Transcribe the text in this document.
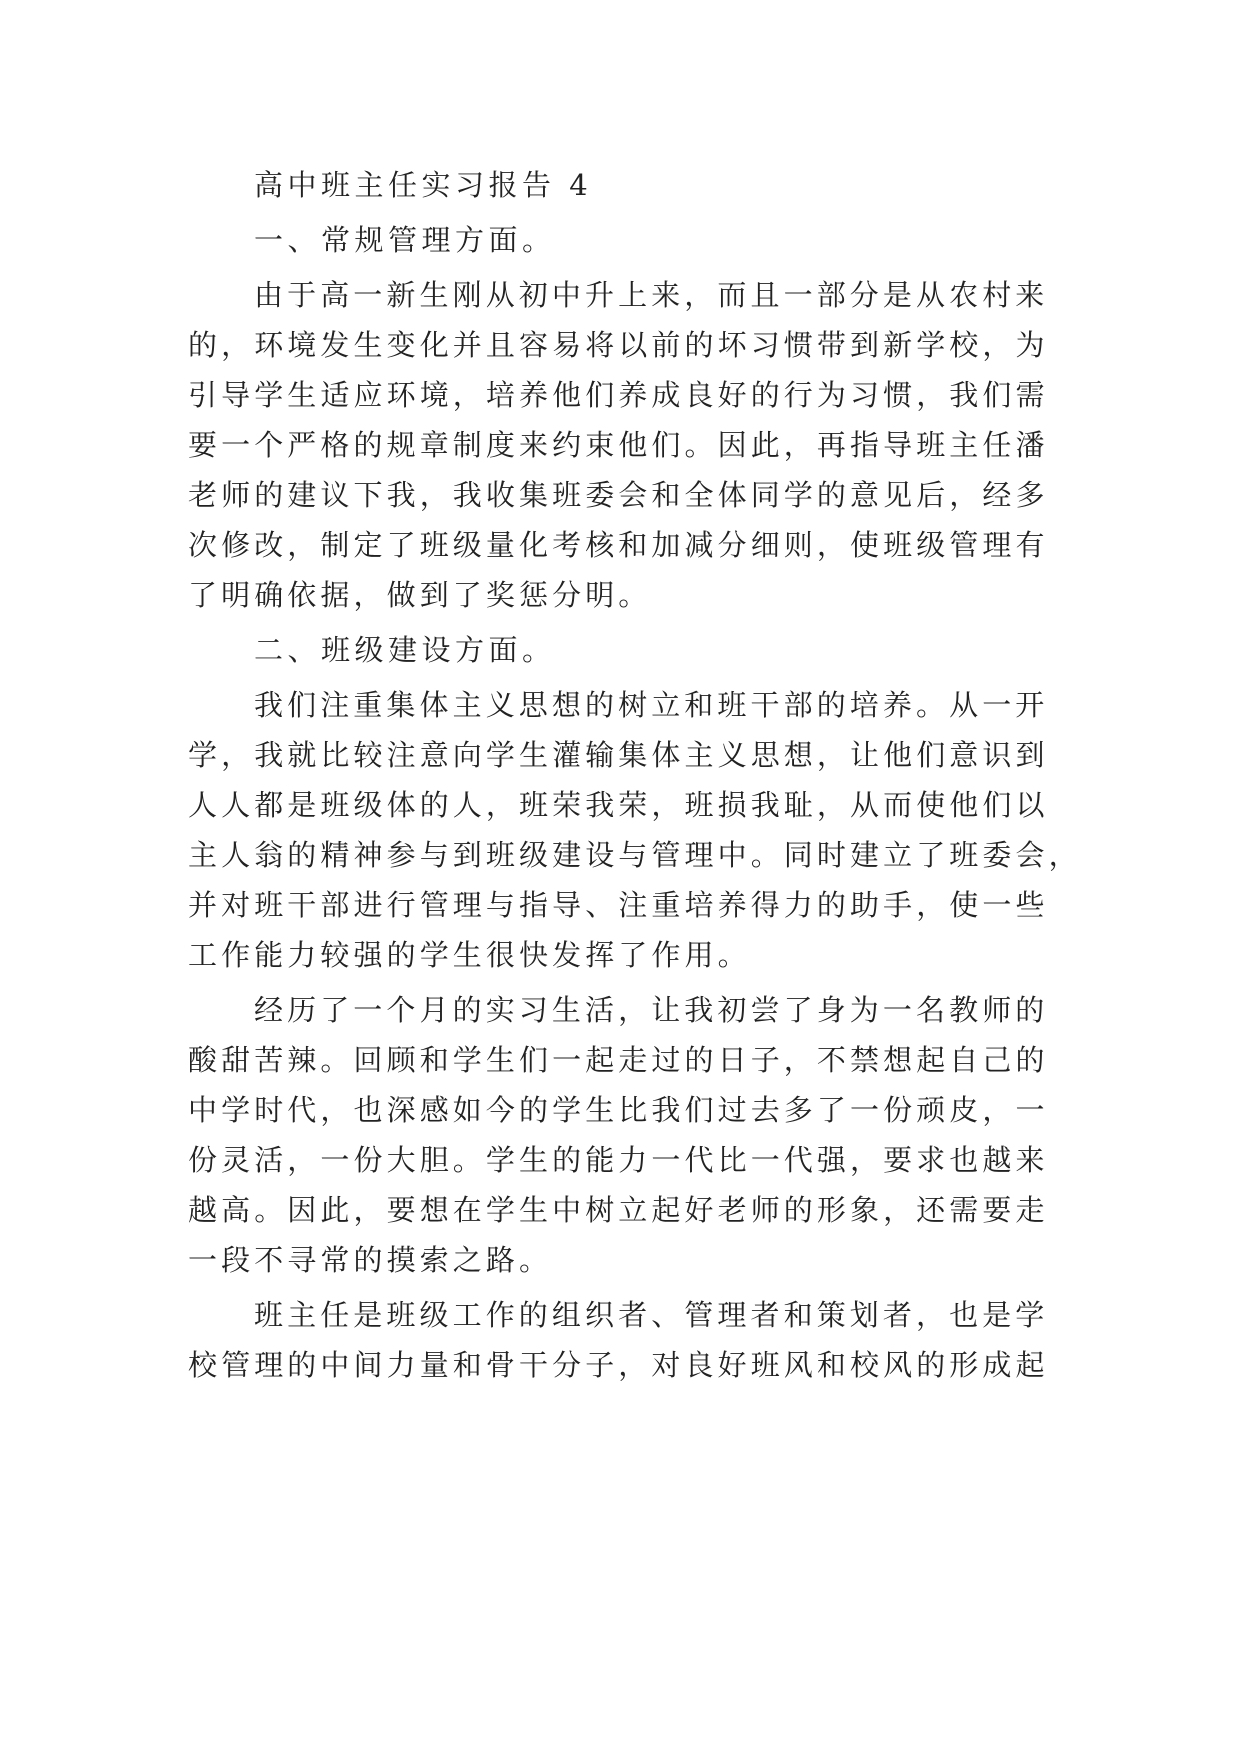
高中班主任实习报告 4

一、常规管理方面。

由于高一新生刚从初中升上来，而且一部分是从农村来

的，环境发生变化并且容易将以前的坏习惯带到新学校，为

引导学生适应环境，培养他们养成良好的行为习惯，我们需

要一个严格的规章制度来约束他们。因此，再指导班主任潘

老师的建议下我，我收集班委会和全体同学的意见后，经多

次修改，制定了班级量化考核和加减分细则，使班级管理有

了明确依据，做到了奖惩分明。

二、班级建设方面。

我们注重集体主义思想的树立和班干部的培养。从一开

学，我就比较注意向学生灌输集体主义思想，让他们意识到

人人都是班级体的人，班荣我荣，班损我耻，从而使他们以

主人翁的精神参与到班级建设与管理中。同时建立了班委会，

并对班干部进行管理与指导、注重培养得力的助手，使一些

工作能力较强的学生很快发挥了作用。

经历了一个月的实习生活，让我初尝了身为一名教师的

酸甜苦辣。回顾和学生们一起走过的日子，不禁想起自己的

中学时代，也深感如今的学生比我们过去多了一份顽皮，一

份灵活，一份大胆。学生的能力一代比一代强，要求也越来

越高。因此，要想在学生中树立起好老师的形象，还需要走

一段不寻常的摸索之路。

班主任是班级工作的组织者、管理者和策划者，也是学

校管理的中间力量和骨干分子，对良好班风和校风的形成起
